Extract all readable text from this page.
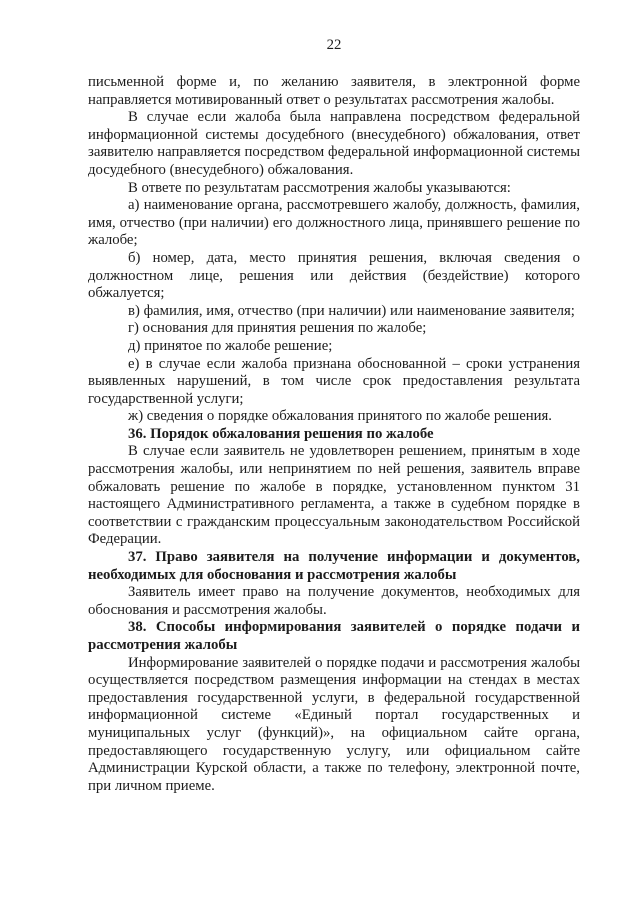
22

письменной форме и, по желанию заявителя, в электронной форме направляется мотивированный ответ о результатах рассмотрения жалобы.

В случае если жалоба была направлена посредством федеральной информационной системы досудебного (внесудебного) обжалования, ответ заявителю направляется посредством федеральной информационной системы досудебного (внесудебного) обжалования.

В ответе по результатам рассмотрения жалобы указываются:

а) наименование органа, рассмотревшего жалобу, должность, фамилия, имя, отчество (при наличии) его должностного лица, принявшего решение по жалобе;

б) номер, дата, место принятия решения, включая сведения о должностном лице, решения или действия (бездействие) которого обжалуется;

в) фамилия, имя, отчество (при наличии) или наименование заявителя;

г) основания для принятия решения по жалобе;

д) принятое по жалобе решение;

е) в случае если жалоба признана обоснованной – сроки устранения выявленных нарушений, в том числе срок предоставления результата государственной услуги;

ж) сведения о порядке обжалования принятого по жалобе решения.

36. Порядок обжалования решения по жалобе

В случае если заявитель не удовлетворен решением, принятым в ходе рассмотрения жалобы, или непринятием по ней решения, заявитель вправе обжаловать решение по жалобе в порядке, установленном пунктом 31 настоящего Административного регламента, а также в судебном порядке в соответствии с гражданским процессуальным законодательством Российской Федерации.

37. Право заявителя на получение информации и документов, необходимых для обоснования и рассмотрения жалобы

Заявитель имеет право на получение документов, необходимых для обоснования и рассмотрения жалобы.

38. Способы информирования заявителей о порядке подачи и рассмотрения жалобы

Информирование заявителей о порядке подачи и рассмотрения жалобы осуществляется посредством размещения информации на стендах в местах предоставления государственной услуги, в федеральной государственной информационной системе «Единый портал государственных и муниципальных услуг (функций)», на официальном сайте органа, предоставляющего государственную услугу, или официальном сайте Администрации Курской области, а также по телефону, электронной почте, при личном приеме.
